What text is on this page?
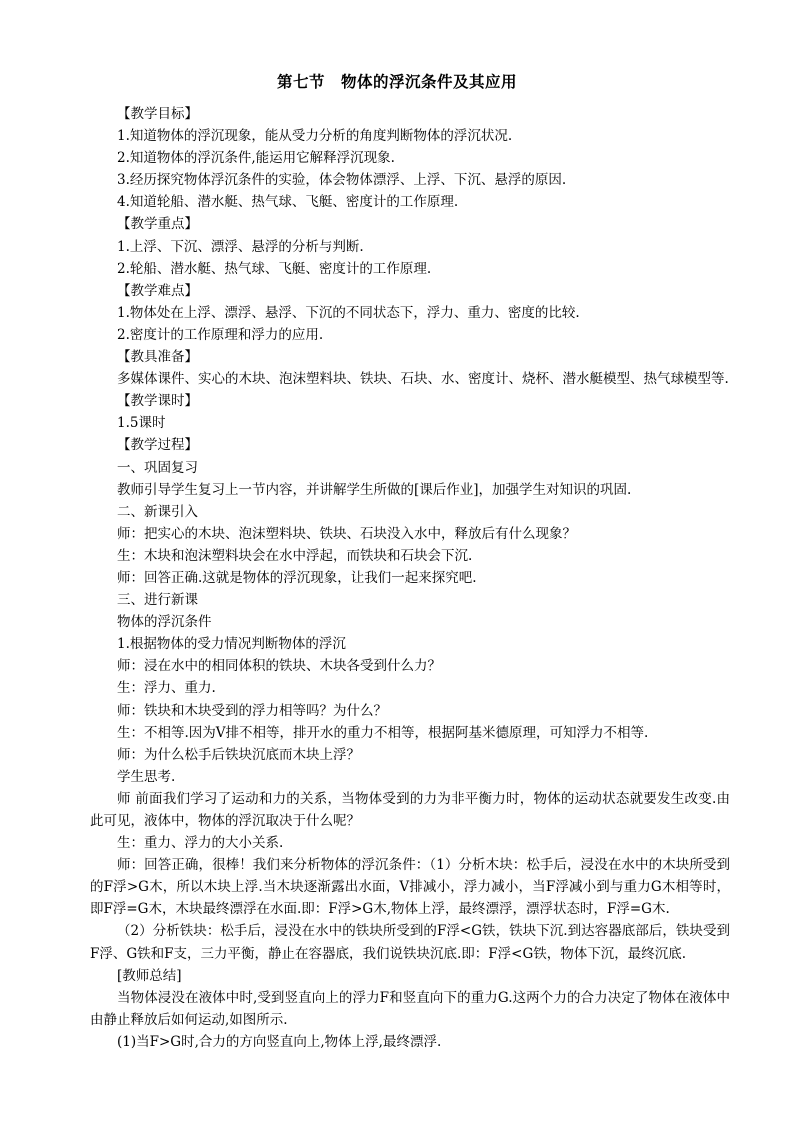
第七节　物体的浮沉条件及其应用

【教学目标】

1.知道物体的浮沉现象，能从受力分析的角度判断物体的浮沉状况.

2.知道物体的浮沉条件,能运用它解释浮沉现象.

3.经历探究物体浮沉条件的实验，体会物体漂浮、上浮、下沉、悬浮的原因.

4.知道轮船、潜水艇、热气球、飞艇、密度计的工作原理.

【教学重点】

1.上浮、下沉、漂浮、悬浮的分析与判断.

2.轮船、潜水艇、热气球、飞艇、密度计的工作原理.

【教学难点】

1.物体处在上浮、漂浮、悬浮、下沉的不同状态下，浮力、重力、密度的比较.

2.密度计的工作原理和浮力的应用.

【教具准备】

多媒体课件、实心的木块、泡沫塑料块、铁块、石块、水、密度计、烧杯、潜水艇模型、热气球模型等.

【教学课时】

1.5课时

【教学过程】

一、巩固复习

教师引导学生复习上一节内容，并讲解学生所做的[课后作业]，加强学生对知识的巩固.

二、新课引入

师：把实心的木块、泡沫塑料块、铁块、石块没入水中，释放后有什么现象？

生：木块和泡沫塑料块会在水中浮起，而铁块和石块会下沉.

师：回答正确.这就是物体的浮沉现象，让我们一起来探究吧.

三、进行新课

物体的浮沉条件

1.根据物体的受力情况判断物体的浮沉

师：浸在水中的相同体积的铁块、木块各受到什么力？

生：浮力、重力.

师：铁块和木块受到的浮力相等吗？为什么？

生：不相等.因为V排不相等，排开水的重力不相等，根据阿基米德原理，可知浮力不相等.

师：为什么松手后铁块沉底而木块上浮？

学生思考.

师 前面我们学习了运动和力的关系，当物体受到的力为非平衡力时，物体的运动状态就要发生改变.由此可见，液体中，物体的浮沉取决于什么呢？

生：重力、浮力的大小关系.

师：回答正确，很棒！我们来分析物体的浮沉条件：（1）分析木块：松手后，浸没在水中的木块所受到的F浮>G木，所以木块上浮.当木块逐渐露出水面，V排减小，浮力减小，当F浮减小到与重力G木相等时，即F浮=G木，木块最终漂浮在水面.即：F浮>G木,物体上浮，最终漂浮，漂浮状态时，F浮=G木.

（2）分析铁块：松手后，浸没在水中的铁块所受到的F浮<G铁，铁块下沉.到达容器底部后，铁块受到F浮、G铁和F支，三力平衡，静止在容器底，我们说铁块沉底.即：F浮<G铁，物体下沉，最终沉底.

[教师总结]

当物体浸没在液体中时,受到竖直向上的浮力F和竖直向下的重力G.这两个力的合力决定了物体在液体中由静止释放后如何运动,如图所示.

(1)当F>G时,合力的方向竖直向上,物体上浮,最终漂浮.
